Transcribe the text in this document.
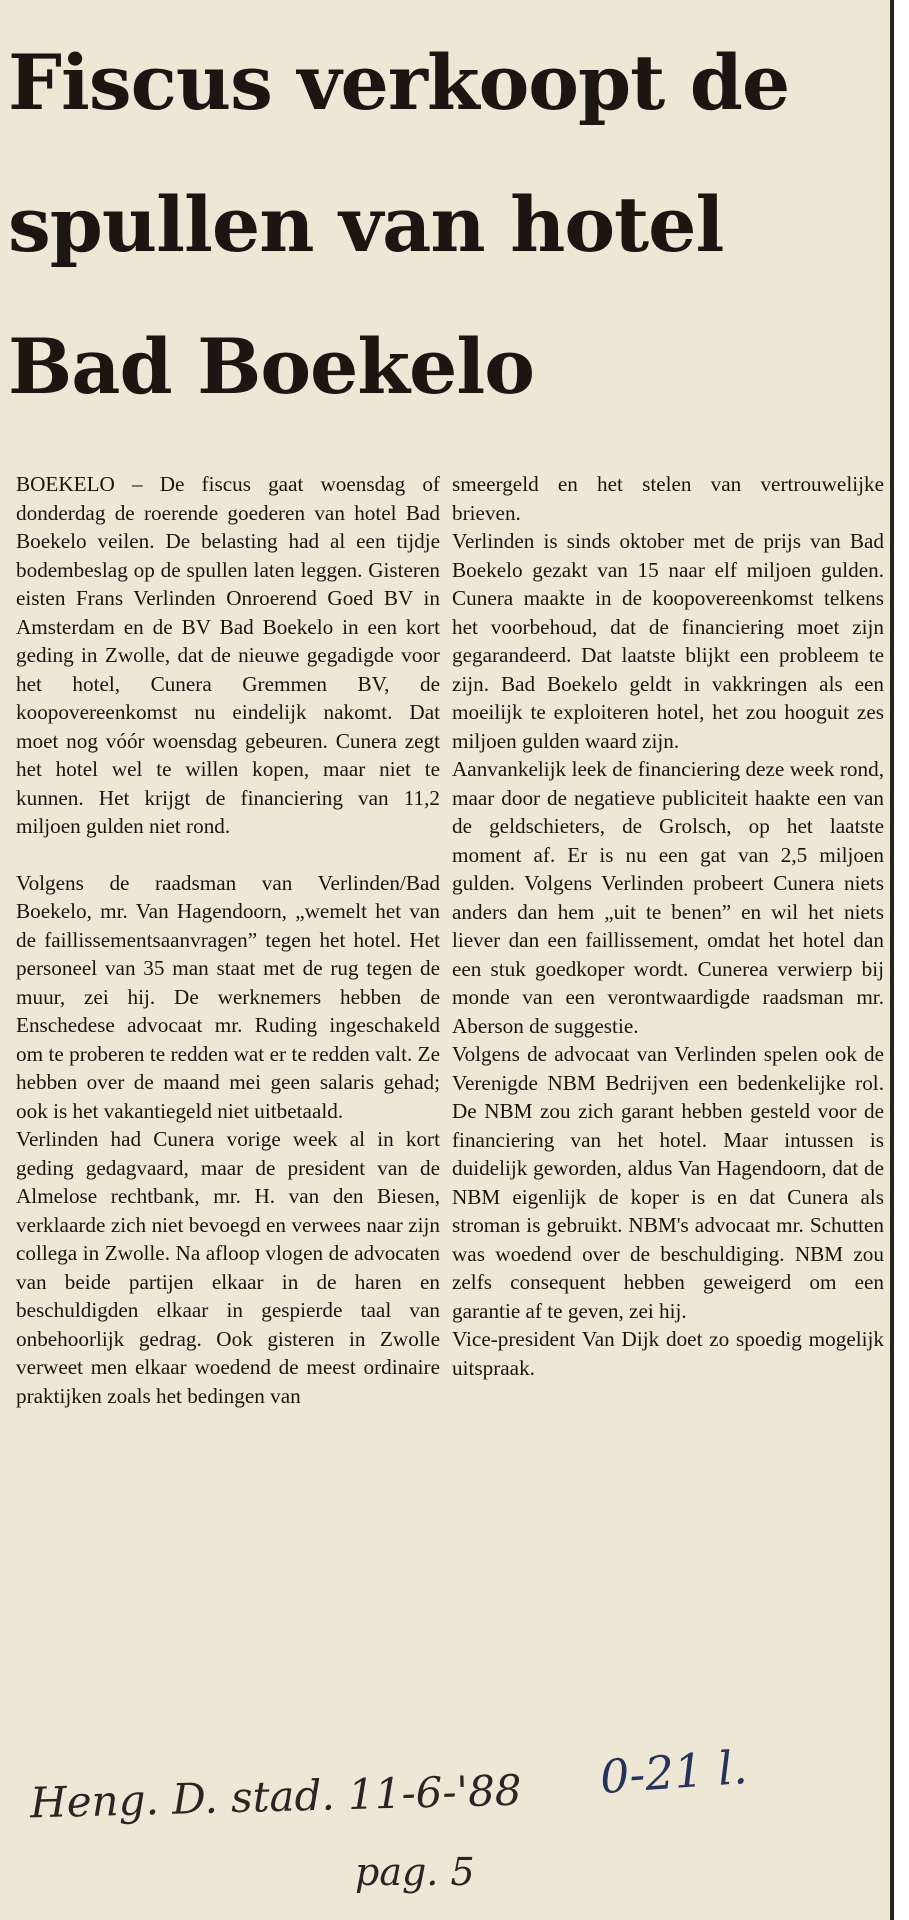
Fiscus verkoopt de spullen van hotel Bad Boekelo

BOEKELO – De fiscus gaat woensdag of donderdag de roerende goederen van hotel Bad Boekelo veilen. De belasting had al een tijdje bodembeslag op de spullen laten leggen. Gisteren eisten Frans Verlinden Onroerend Goed BV in Amsterdam en de BV Bad Boekelo in een kort geding in Zwolle, dat de nieuwe gegadigde voor het hotel, Cunera Gremmen BV, de koopovereenkomst nu eindelijk nakomt. Dat moet nog vóór woensdag gebeuren. Cunera zegt het hotel wel te willen kopen, maar niet te kunnen. Het krijgt de financiering van 11,2 miljoen gulden niet rond.

Volgens de raadsman van Verlinden/Bad Boekelo, mr. Van Hagendoorn, „wemelt het van de faillissementsaanvragen” tegen het hotel. Het personeel van 35 man staat met de rug tegen de muur, zei hij. De werknemers hebben de Enschedese advocaat mr. Ruding ingeschakeld om te proberen te redden wat er te redden valt. Ze hebben over de maand mei geen salaris gehad; ook is het vakantiegeld niet uitbetaald.

Verlinden had Cunera vorige week al in kort geding gedagvaard, maar de president van de Almelose rechtbank, mr. H. van den Biesen, verklaarde zich niet bevoegd en verwees naar zijn collega in Zwolle. Na afloop vlogen de advocaten van beide partijen elkaar in de haren en beschuldigden elkaar in gespierde taal van onbehoorlijk gedrag. Ook gisteren in Zwolle verweet men elkaar woedend de meest ordinaire praktijken zoals het bedingen van

smeergeld en het stelen van vertrouwelijke brieven.

Verlinden is sinds oktober met de prijs van Bad Boekelo gezakt van 15 naar elf miljoen gulden. Cunera maakte in de koopovereenkomst telkens het voorbehoud, dat de financiering moet zijn gegarandeerd. Dat laatste blijkt een probleem te zijn. Bad Boekelo geldt in vakkringen als een moeilijk te exploiteren hotel, het zou hooguit zes miljoen gulden waard zijn.

Aanvankelijk leek de financiering deze week rond, maar door de negatieve publiciteit haakte een van de geldschieters, de Grolsch, op het laatste moment af. Er is nu een gat van 2,5 miljoen gulden. Volgens Verlinden probeert Cunera niets anders dan hem „uit te benen” en wil het niets liever dan een faillissement, omdat het hotel dan een stuk goedkoper wordt. Cunerea verwierp bij monde van een verontwaardigde raadsman mr. Aberson de suggestie.

Volgens de advocaat van Verlinden spelen ook de Verenigde NBM Bedrijven een bedenkelijke rol. De NBM zou zich garant hebben gesteld voor de financiering van het hotel. Maar intussen is duidelijk geworden, aldus Van Hagendoorn, dat de NBM eigenlijk de koper is en dat Cunera als stroman is gebruikt. NBM's advocaat mr. Schutten was woedend over de beschuldiging. NBM zou zelfs consequent hebben geweigerd om een garantie af te geven, zei hij.

Vice-president Van Dijk doet zo spoedig mogelijk uitspraak.

Heng. D. stad. 11-6-'88 0-21 l.
pag. 5
